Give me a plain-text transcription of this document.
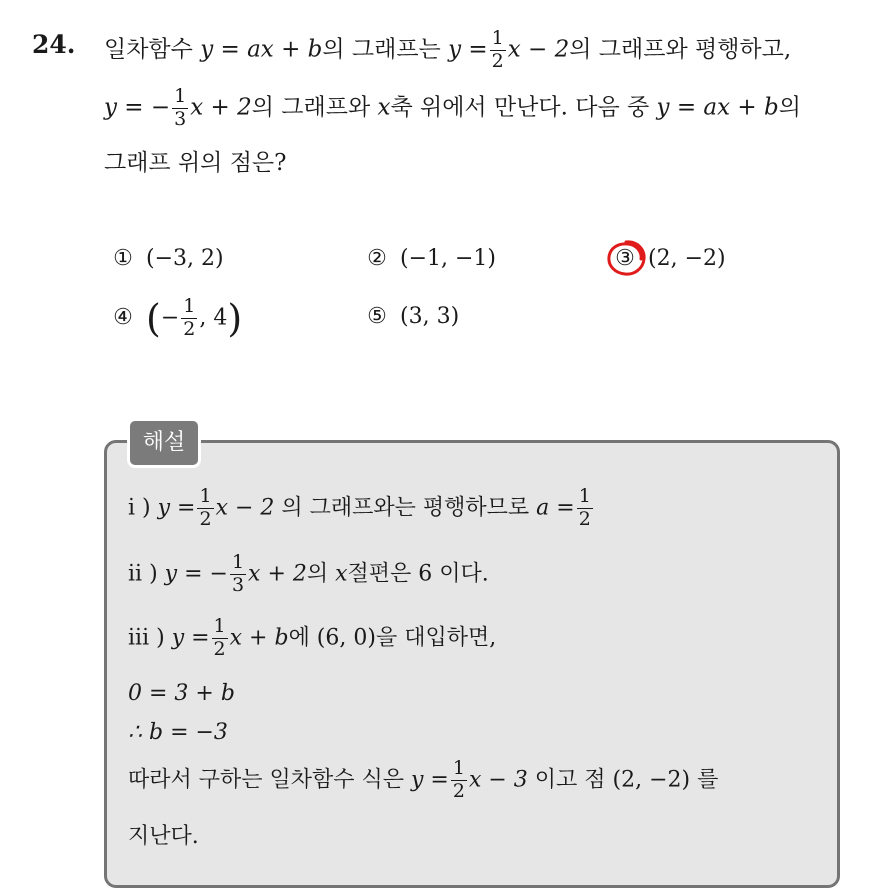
24. 일차함수 y = ax + b의 그래프는 $y = \frac{1}{2}$ x − 2의 그래프와 평행하고,
y = − $\frac{1}{3}$ x + 2의 그래프와 x축 위에서 만난다. 다음 중 y = ax + b의
그래프 위의 점은?
① (−3, 2)	② (−1, −1)	③ (2, −2)
④ (− $\frac{1}{2}$ , 4)	⑤ (3, 3)
해설
i ) $y = \frac{1}{2}$ x − 2 의 그래프와는 평행하므로 $a = \frac{1}{2}$
ii ) y = − $\frac{1}{3}$ x + 2의 x절편은 6 이다.
iii ) $y = \frac{1}{2}$ x + b에 (6, 0)을 대입하면,
0 = 3 + b
∴ b = −3
따라서 구하는 일차함수 식은 $y = \frac{1}{2}$ x − 3 이고 점 (2, −2) 를
지난다.
